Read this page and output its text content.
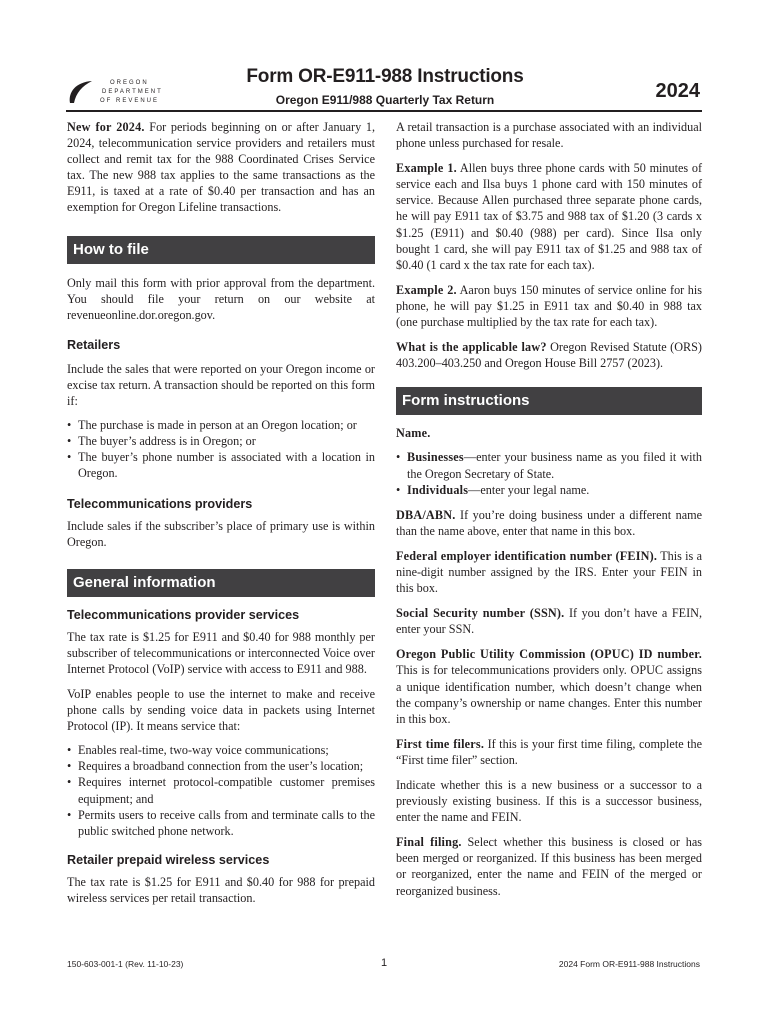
OREGON
DEPARTMENT
OF REVENUE
Form OR-E911-988 Instructions
Oregon E911/988 Quarterly Tax Return	2024

New for 2024. For periods beginning on or after January 1, 2024, telecommunication service providers and retailers must collect and remit tax for the 988 Coordinated Crises Service tax. The new 988 tax applies to the same transactions as the E911, is taxed at a rate of $0.40 per transaction and has an exemption for Oregon Lifeline transactions.

How to file

Only mail this form with prior approval from the department. You should file your return on our website at revenueonline.dor.oregon.gov.

Retailers

Include the sales that were reported on your Oregon income or excise tax return. A transaction should be reported on this form if:

• The purchase is made in person at an Oregon location; or
• The buyer’s address is in Oregon; or
• The buyer’s phone number is associated with a location in Oregon.
Telecommunications providers

Include sales if the subscriber’s place of primary use is within Oregon.

General information
Telecommunications provider services

The tax rate is $1.25 for E911 and $0.40 for 988 monthly per subscriber of telecommunications or interconnected Voice over Internet Protocol (VoIP) service with access to E911 and 988.

VoIP enables people to use the internet to make and receive phone calls by sending voice data in packets using Internet Protocol (IP). It means service that:

• Enables real-time, two-way voice communications;
• Requires a broadband connection from the user’s location;
• Requires internet protocol-compatible customer premises equipment; and
• Permits users to receive calls from and terminate calls to the public switched phone network.
Retailer prepaid wireless services

The tax rate is $1.25 for E911 and $0.40 for 988 for prepaid wireless services per retail transaction.

A retail transaction is a purchase associated with an individual phone unless purchased for resale.

Example 1. Allen buys three phone cards with 50 minutes of service each and Ilsa buys 1 phone card with 150 minutes of service. Because Allen purchased three separate phone cards, he will pay E911 tax of $3.75 and 988 tax of $1.20 (3 cards x $1.25 (E911) and $0.40 (988) per card). Since Ilsa only bought 1 card, she will pay E911 tax of $1.25 and 988 tax of $0.40 (1 card x the tax rate for each tax).

Example 2. Aaron buys 150 minutes of service online for his phone, he will pay $1.25 in E911 tax and $0.40 in 988 tax (one purchase multiplied by the tax rate for each tax).

What is the applicable law? Oregon Revised Statute (ORS) 403.200–403.250 and Oregon House Bill 2757 (2023).

Form instructions

Name.

• Businesses—enter your business name as you filed it with the Oregon Secretary of State.
• Individuals—enter your legal name.

DBA/ABN. If you’re doing business under a different name than the name above, enter that name in this box.

Federal employer identification number (FEIN). This is a nine-digit number assigned by the IRS. Enter your FEIN in this box.

Social Security number (SSN). If you don’t have a FEIN, enter your SSN.

Oregon Public Utility Commission (OPUC) ID number. This is for telecommunications providers only. OPUC assigns a unique identification number, which doesn’t change when the company’s ownership or name changes. Enter this number in this box.

First time filers. If this is your first time filing, complete the “First time filer” section.

Indicate whether this is a new business or a successor to a previously existing business. If this is a successor business, enter the name and FEIN.

Final filing. Select whether this business is closed or has been merged or reorganized. If this business has been merged or reorganized, enter the name and FEIN of the merged or reorganized business.

150-603-001-1 (Rev. 11-10-23)	1	2024 Form OR-E911-988 Instructions
